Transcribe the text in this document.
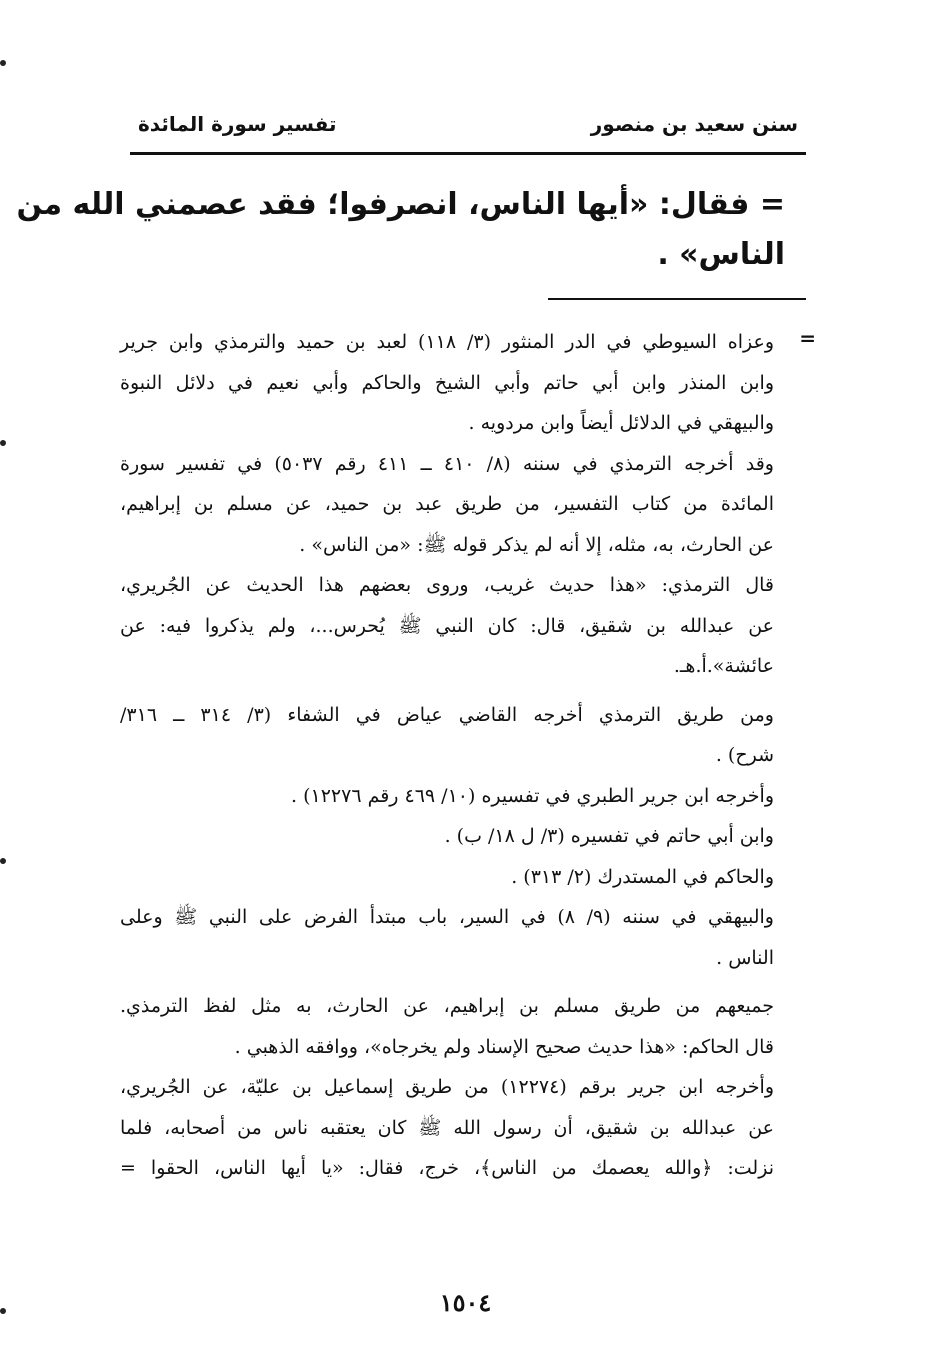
سنن سعيد بن منصور
تفسير سورة المائدة
= فقال: «أيها الناس، انصرفوا؛ فقد عصمني الله من
الناس» .
=
وعزاه السيوطي في الدر المنثور (٣/ ١١٨) لعبد بن حميد والترمذي وابن جرير
وابن المنذر وابن أبي حاتم وأبي الشيخ والحاكم وأبي نعيم في دلائل النبوة
والبيهقي في الدلائل أيضاً وابن مردويه .
وقد أخرجه الترمذي في سننه (٨/ ٤١٠ ــ ٤١١ رقم ٥٠٣٧) في تفسير سورة
المائدة من كتاب التفسير، من طريق عبد بن حميد، عن مسلم بن إبراهيم،
عن الحارث، به، مثله، إلا أنه لم يذكر قوله ﷺ: «من الناس» .
قال الترمذي: «هذا حديث غريب، وروى بعضهم هذا الحديث عن الجُريري،
عن عبدالله بن شقيق، قال: كان النبي ﷺ يُحرس...، ولم يذكروا فيه: عن
عائشة».أ.هـ.
ومن طريق الترمذي أخرجه القاضي عياض في الشفاء (٣/ ٣١٤ ــ ٣١٦/
شرح) .
وأخرجه ابن جرير الطبري في تفسيره (١٠/ ٤٦٩ رقم ١٢٢٧٦) .
وابن أبي حاتم في تفسيره (٣/ ل ١٨/ ب) .
والحاكم في المستدرك (٢/ ٣١٣) .
والبيهقي في سننه (٩/ ٨) في السير، باب مبتدأ الفرض على النبي ﷺ وعلى
الناس .
جميعهم من طريق مسلم بن إبراهيم، عن الحارث، به مثل لفظ الترمذي.
قال الحاكم: «هذا حديث صحيح الإسناد ولم يخرجاه»، ووافقه الذهبي .
وأخرجه ابن جرير برقم (١٢٢٧٤) من طريق إسماعيل بن عليّة، عن الجُريري،
عن عبدالله بن شقيق، أن رسول الله ﷺ كان يعتقبه ناس من أصحابه، فلما
نزلت: ﴿والله يعصمك من الناس﴾، خرج، فقال: «يا أيها الناس، الحقوا =
١٥٠٤
